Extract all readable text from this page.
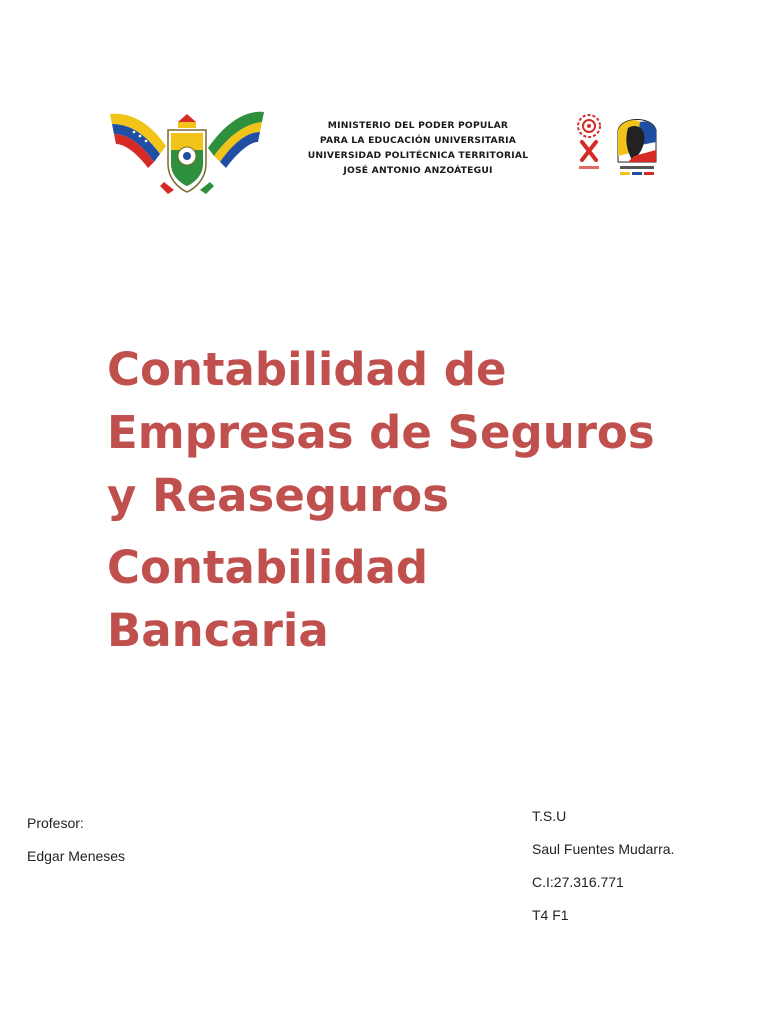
MINISTERIO DEL PODER POPULAR
PARA LA EDUCACIÓN UNIVERSITARIA
UNIVERSIDAD POLITÉCNICA TERRITORIAL
JOSÉ ANTONIO ANZOÁTEGUI
Contabilidad de
Empresas de Seguros
y Reaseguros
Contabilidad
Bancaria
Profesor:
Edgar Meneses
T.S.U
Saul Fuentes Mudarra.
C.I:27.316.771
T4 F1
